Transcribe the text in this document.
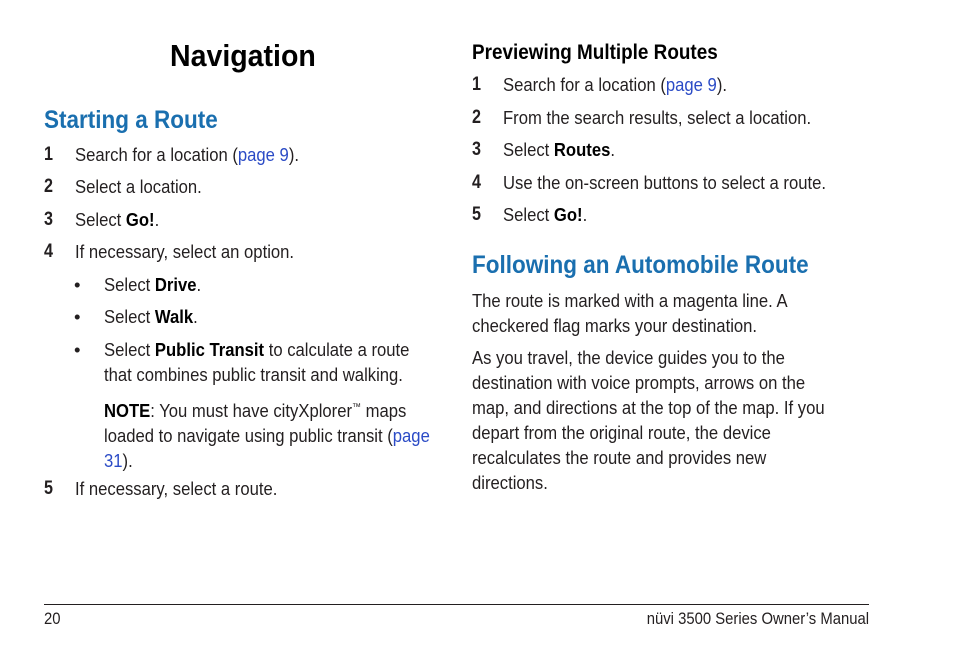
Navigation
Starting a Route
1 Search for a location (page 9).
2 Select a location.
3 Select Go!.
4 If necessary, select an option.
• Select Drive.
• Select Walk.
• Select Public Transit to calculate a route that combines public transit and walking.
NOTE: You must have cityXplorer™ maps loaded to navigate using public transit (page 31).
5 If necessary, select a route.
Previewing Multiple Routes
1 Search for a location (page 9).
2 From the search results, select a location.
3 Select Routes.
4 Use the on-screen buttons to select a route.
5 Select Go!.
Following an Automobile Route
The route is marked with a magenta line. A checkered flag marks your destination.
As you travel, the device guides you to the destination with voice prompts, arrows on the map, and directions at the top of the map. If you depart from the original route, the device recalculates the route and provides new directions.
20	nüvi 3500 Series Owner’s Manual
